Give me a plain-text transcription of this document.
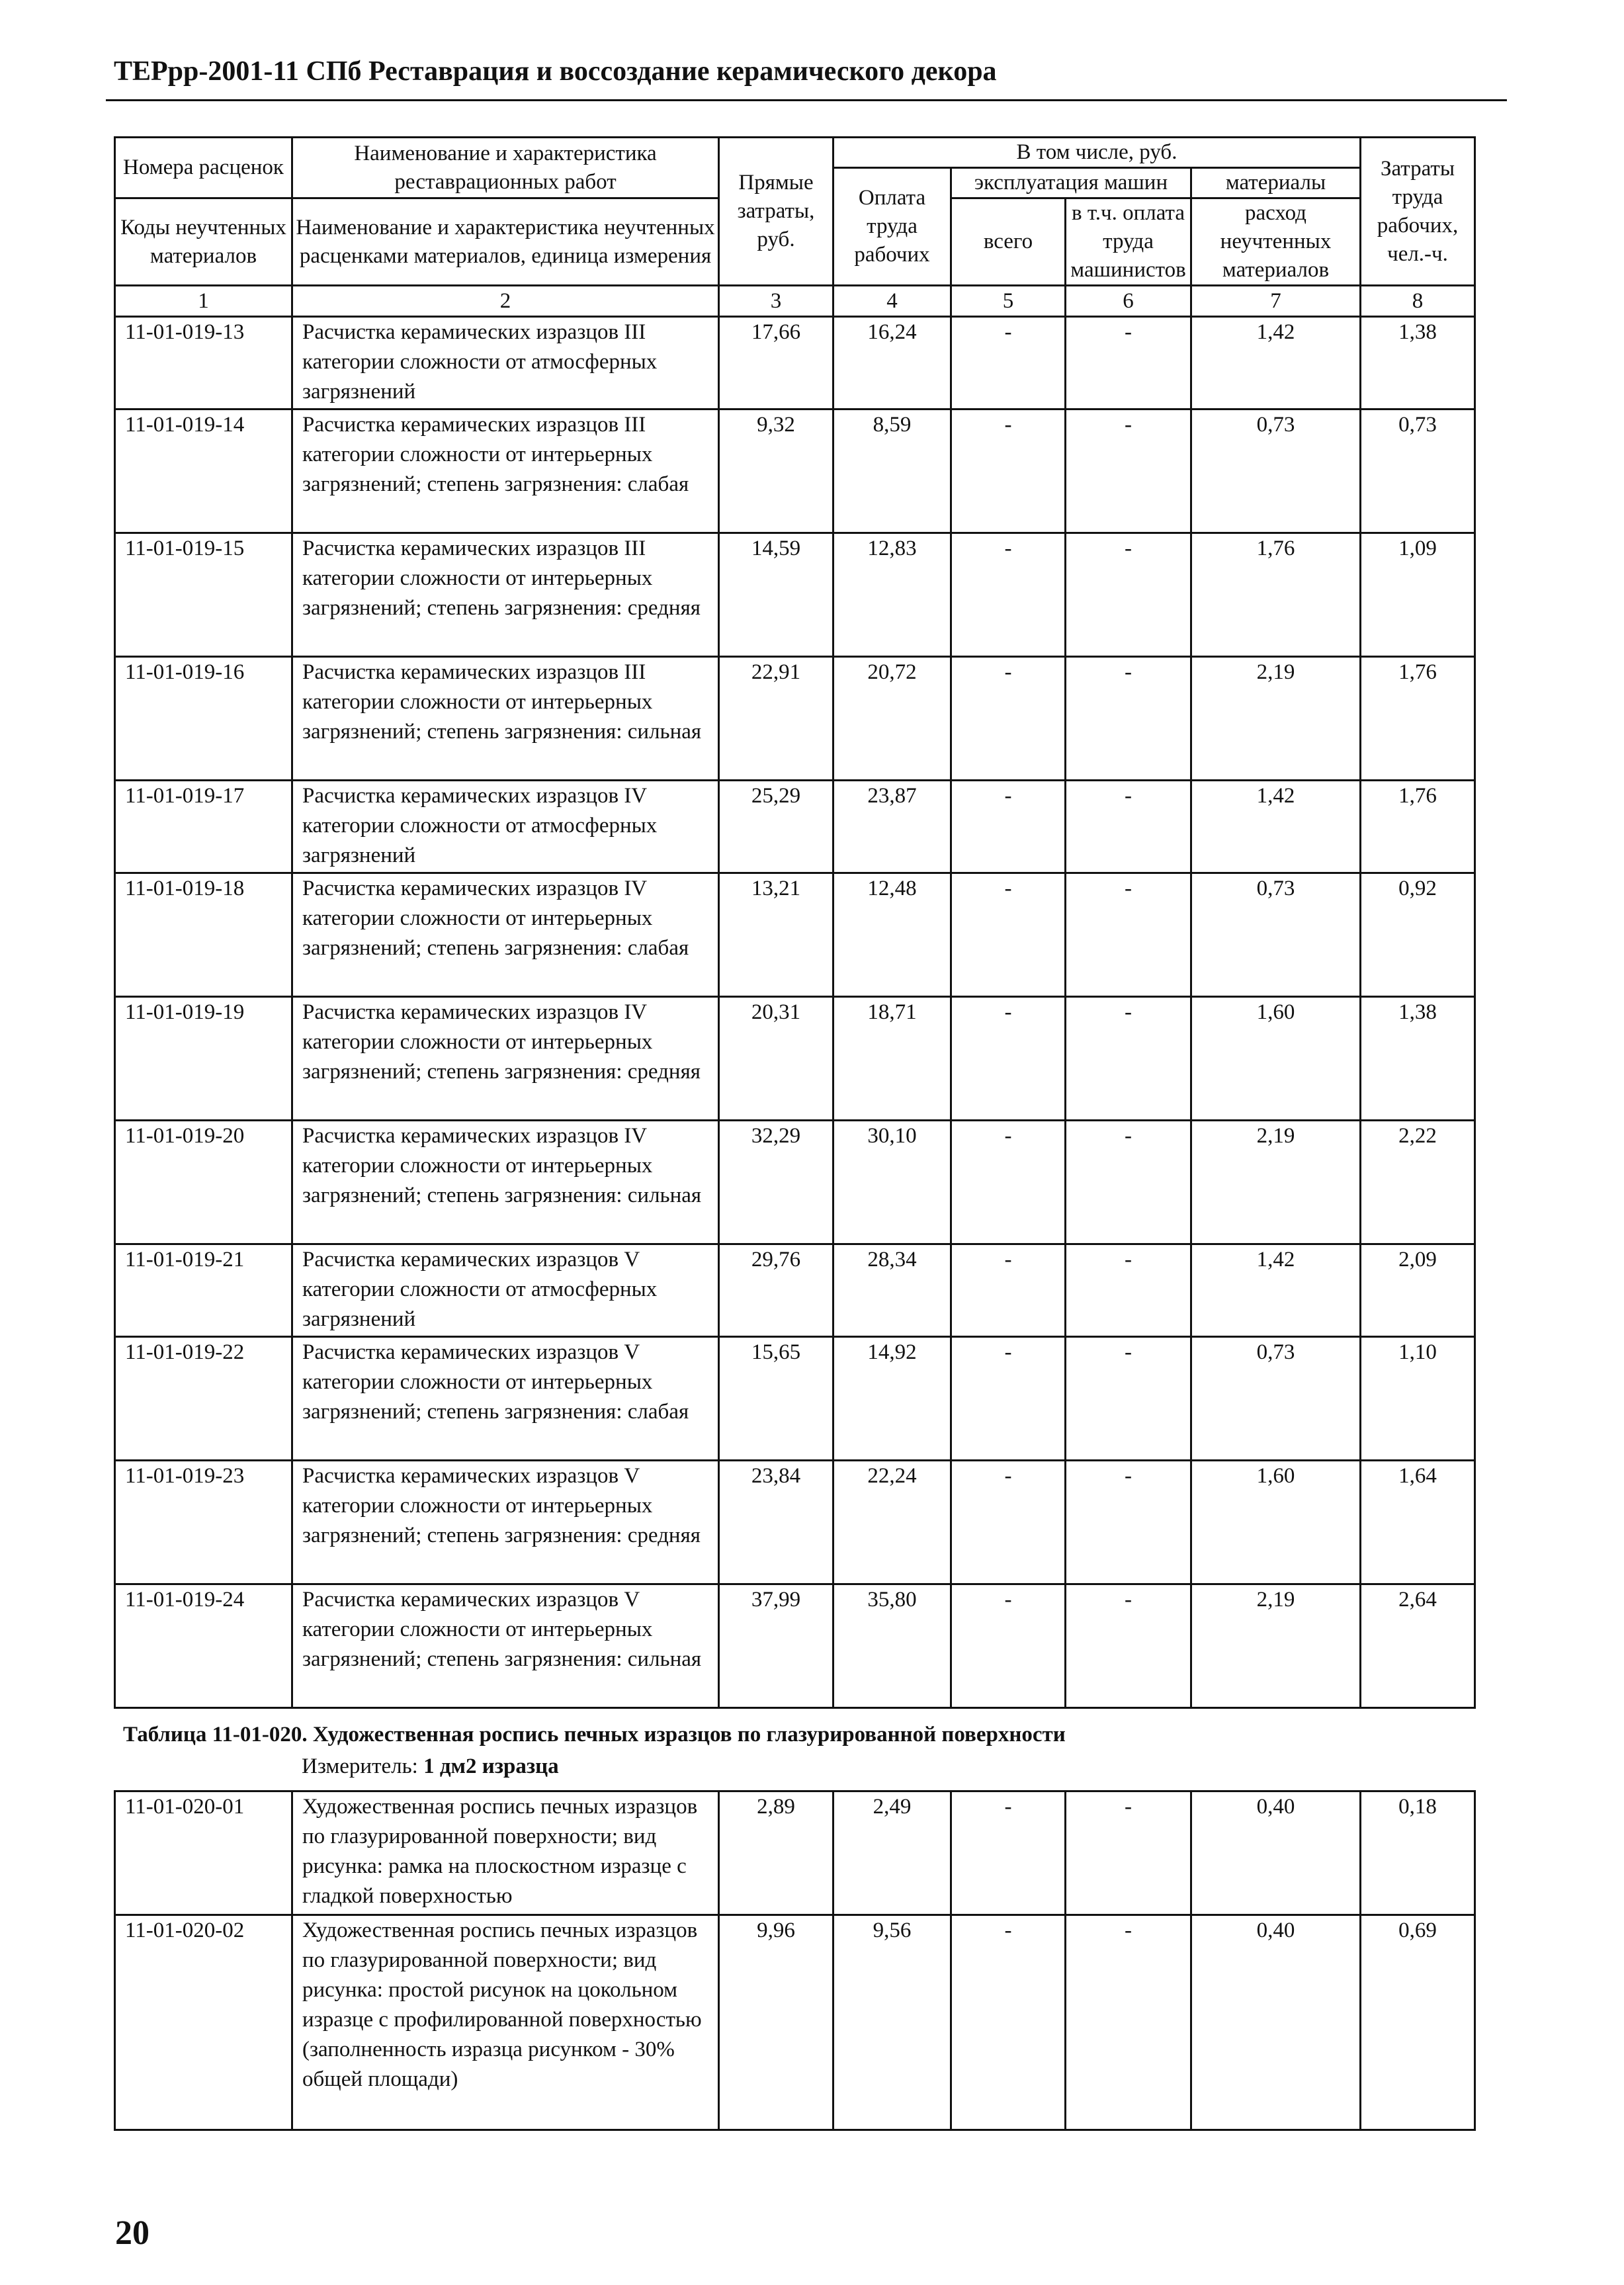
ТЕРрр-2001-11 СПб Реставрация и воссоздание керамического декора
Номера расценок	Наименование и характеристика реставрационных работ	Прямые затраты, руб.	В том числе, руб.				Затраты труда рабочих, чел.-ч.
			Оплата труда рабочих	эксплуатация машин		материалы	
Коды неучтенных материалов	Наименование и характеристика неучтенных расценками материалов, единица измерения			всего	в т.ч. оплата труда машинистов	расход неучтенных материалов	

1	2	3	4	5	6	7	8
11-01-019-13	Расчистка керамических изразцов III категории сложности от атмосферных загрязнений	17,66	16,24	-	-	1,42	1,38
11-01-019-14	Расчистка керамических изразцов III категории сложности от интерьерных загрязнений; степень загрязнения: слабая	9,32	8,59	-	-	0,73	0,73
11-01-019-15	Расчистка керамических изразцов III категории сложности от интерьерных загрязнений; степень загрязнения: средняя	14,59	12,83	-	-	1,76	1,09
11-01-019-16	Расчистка керамических изразцов III категории сложности от интерьерных загрязнений; степень загрязнения: сильная	22,91	20,72	-	-	2,19	1,76
11-01-019-17	Расчистка керамических изразцов IV категории сложности от атмосферных загрязнений	25,29	23,87	-	-	1,42	1,76
11-01-019-18	Расчистка керамических изразцов IV категории сложности от интерьерных загрязнений; степень загрязнения: слабая	13,21	12,48	-	-	0,73	0,92
11-01-019-19	Расчистка керамических изразцов IV категории сложности от интерьерных загрязнений; степень загрязнения: средняя	20,31	18,71	-	-	1,60	1,38
11-01-019-20	Расчистка керамических изразцов IV категории сложности от интерьерных загрязнений; степень загрязнения: сильная	32,29	30,10	-	-	2,19	2,22
11-01-019-21	Расчистка керамических изразцов V категории сложности от атмосферных загрязнений	29,76	28,34	-	-	1,42	2,09
11-01-019-22	Расчистка керамических изразцов V категории сложности от интерьерных загрязнений; степень загрязнения: слабая	15,65	14,92	-	-	0,73	1,10
11-01-019-23	Расчистка керамических изразцов V категории сложности от интерьерных загрязнений; степень загрязнения: средняя	23,84	22,24	-	-	1,60	1,64
11-01-019-24	Расчистка керамических изразцов V категории сложности от интерьерных загрязнений; степень загрязнения: сильная	37,99	35,80	-	-	2,19	2,64
Таблица 11-01-020. Художественная роспись печных изразцов по глазурированной поверхности
Измеритель: 1 дм2 изразца
11-01-020-01	Художественная роспись печных изразцов по глазурированной поверхности; вид рисунка: рамка на плоскостном изразце с гладкой поверхностью	2,89	2,49	-	-	0,40	0,18
11-01-020-02	Художественная роспись печных изразцов по глазурированной поверхности; вид рисунка: простой рисунок на цокольном изразце с профилированной поверхностью (заполненность изразца рисунком - 30% общей площади)	9,96	9,56	-	-	0,40	0,69
20
